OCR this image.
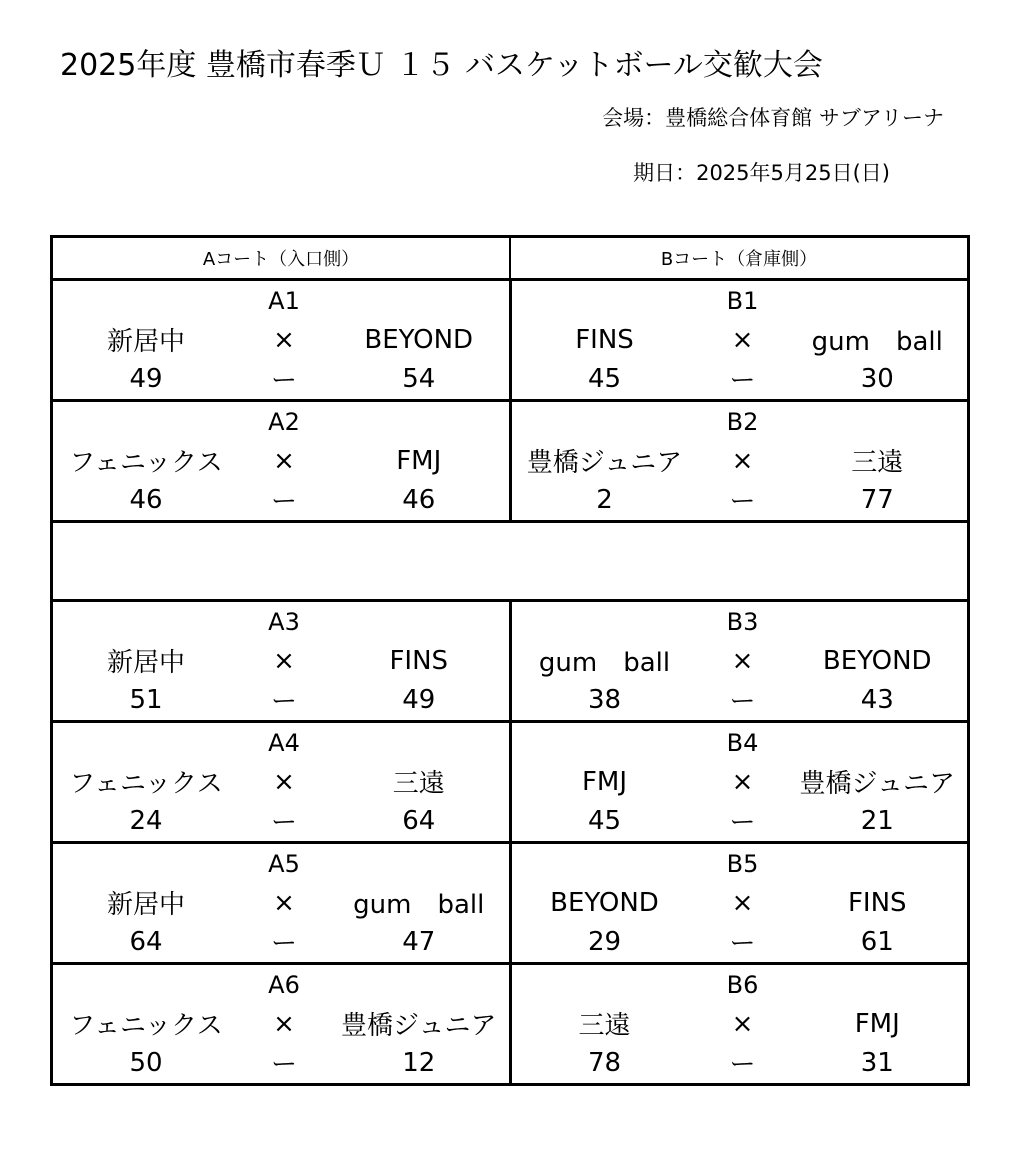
2025年度 豊橋市春季Ｕ １５ バスケットボール交歓大会
会場：豊橋総合体育館 サブアリーナ
期日：2025年5月25日(日)
Aコート（入口側）	Bコート（倉庫側）
A1
新居中	×	BEYOND
49	ー	54
B1
FINS	×	gum　ball
45	ー	30
A2
フェニックス	×	FMJ
46	ー	46
B2
豊橋ジュニア	×	三遠
2	ー	77
A3
新居中	×	FINS
51	ー	49
B3
gum　ball	×	BEYOND
38	ー	43
A4
フェニックス	×	三遠
24	ー	64
B4
FMJ	×	豊橋ジュニア
45	ー	21
A5
新居中	×	gum　ball
64	ー	47
B5
BEYOND	×	FINS
29	ー	61
A6
フェニックス	×	豊橋ジュニア
50	ー	12
B6
三遠	×	FMJ
78	ー	31
